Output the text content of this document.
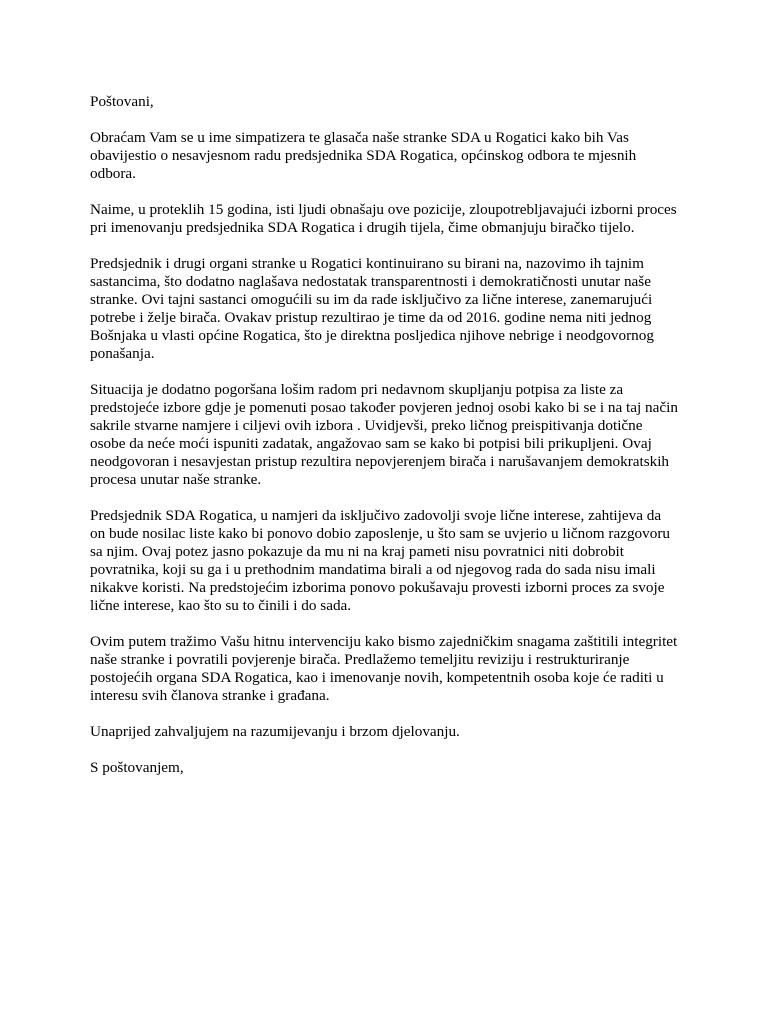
Poštovani,

Obraćam Vam se u ime simpatizera te glasača naše stranke SDA u Rogatici kako bih Vas obavijestio o nesavjesnom radu predsjednika SDA Rogatica, općinskog odbora te mjesnih odbora.

Naime, u proteklih 15 godina, isti ljudi obnašaju ove pozicije, zloupotrebljavajući izborni proces pri imenovanju predsjednika SDA Rogatica i drugih tijela, čime obmanjuju biračko tijelo.

Predsjednik i drugi organi stranke u Rogatici kontinuirano su birani na, nazovimo ih tajnim sastancima, što dodatno naglašava nedostatak transparentnosti i demokratičnosti unutar naše stranke. Ovi tajni sastanci omogućili su im da rade isključivo za lične interese, zanemarujući potrebe i želje birača. Ovakav pristup rezultirao je time da od 2016. godine nema niti jednog Bošnjaka u vlasti općine Rogatica, što je direktna posljedica njihove nebrige i neodgovornog ponašanja.

Situacija je dodatno pogoršana lošim radom pri nedavnom skupljanju potpisa za liste za predstojeće izbore gdje je pomenuti posao također povjeren jednoj osobi kako bi se i na taj način sakrile stvarne namjere i ciljevi ovih izbora . Uvidjevši, preko ličnog preispitivanja dotične osobe da neće moći ispuniti zadatak, angažovao sam se kako bi potpisi bili prikupljeni. Ovaj neodgovoran i nesavjestan pristup rezultira nepovjerenjem birača i narušavanjem demokratskih procesa unutar naše stranke.

Predsjednik SDA Rogatica, u namjeri da isključivo zadovolji svoje lične interese, zahtijeva da on bude nosilac liste kako bi ponovo dobio zaposlenje, u što sam se uvjerio u ličnom razgovoru sa njim. Ovaj potez jasno pokazuje da mu ni na kraj pameti nisu povratnici niti dobrobit povratnika, koji su ga i u prethodnim mandatima birali a od njegovog rada do sada nisu imali nikakve koristi. Na predstojećim izborima ponovo pokušavaju provesti izborni proces za svoje lične interese, kao što su to činili i do sada.

Ovim putem tražimo Vašu hitnu intervenciju kako bismo zajedničkim snagama zaštitili integritet naše stranke i povratili povjerenje birača. Predlažemo temeljitu reviziju i restrukturiranje postojećih organa SDA Rogatica, kao i imenovanje novih, kompetentnih osoba koje će raditi u interesu svih članova stranke i građana.

Unaprijed zahvaljujem na razumijevanju i brzom djelovanju.

S poštovanjem,
